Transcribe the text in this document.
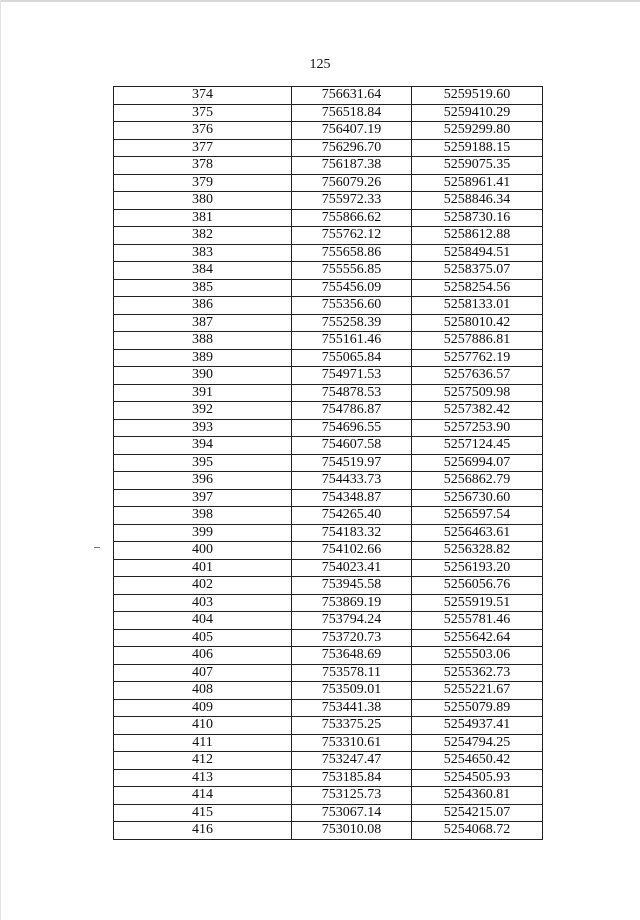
125
374	756631.64	5259519.60
375	756518.84	5259410.29
376	756407.19	5259299.80
377	756296.70	5259188.15
378	756187.38	5259075.35
379	756079.26	5258961.41
380	755972.33	5258846.34
381	755866.62	5258730.16
382	755762.12	5258612.88
383	755658.86	5258494.51
384	755556.85	5258375.07
385	755456.09	5258254.56
386	755356.60	5258133.01
387	755258.39	5258010.42
388	755161.46	5257886.81
389	755065.84	5257762.19
390	754971.53	5257636.57
391	754878.53	5257509.98
392	754786.87	5257382.42
393	754696.55	5257253.90
394	754607.58	5257124.45
395	754519.97	5256994.07
396	754433.73	5256862.79
397	754348.87	5256730.60
398	754265.40	5256597.54
399	754183.32	5256463.61
400	754102.66	5256328.82
401	754023.41	5256193.20
402	753945.58	5256056.76
403	753869.19	5255919.51
404	753794.24	5255781.46
405	753720.73	5255642.64
406	753648.69	5255503.06
407	753578.11	5255362.73
408	753509.01	5255221.67
409	753441.38	5255079.89
410	753375.25	5254937.41
411	753310.61	5254794.25
412	753247.47	5254650.42
413	753185.84	5254505.93
414	753125.73	5254360.81
415	753067.14	5254215.07
416	753010.08	5254068.72
